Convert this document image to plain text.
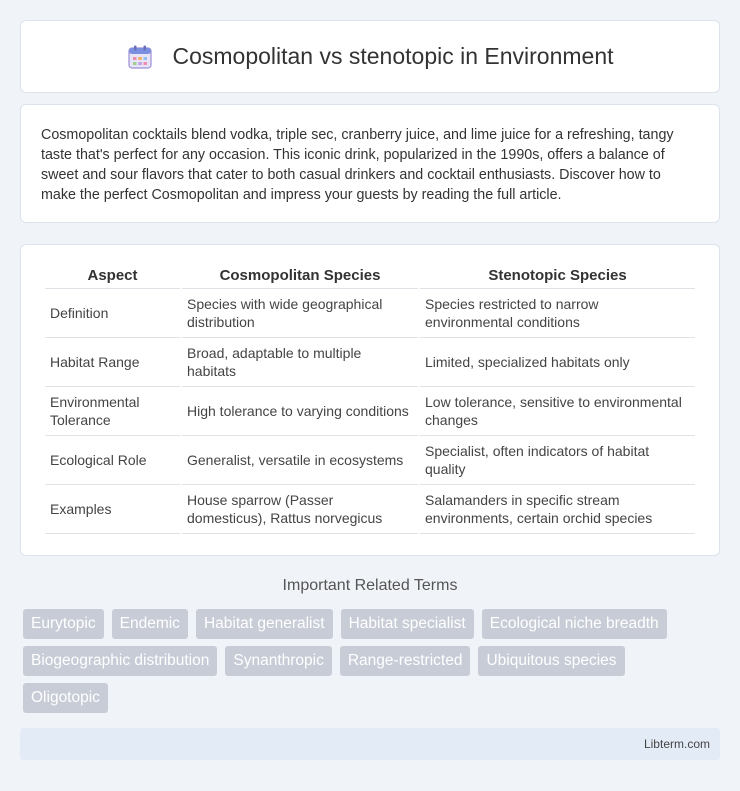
Cosmopolitan vs stenotopic in Environment

Cosmopolitan cocktails blend vodka, triple sec, cranberry juice, and lime juice for a refreshing, tangy taste that's perfect for any occasion. This iconic drink, popularized in the 1990s, offers a balance of sweet and sour flavors that cater to both casual drinkers and cocktail enthusiasts. Discover how to make the perfect Cosmopolitan and impress your guests by reading the full article.

Aspect	Cosmopolitan Species	Stenotopic Species
Definition	Species with wide geographical distribution	Species restricted to narrow environmental conditions
Habitat Range	Broad, adaptable to multiple habitats	Limited, specialized habitats only
Environmental Tolerance	High tolerance to varying conditions	Low tolerance, sensitive to environmental changes
Ecological Role	Generalist, versatile in ecosystems	Specialist, often indicators of habitat quality
Examples	House sparrow (Passer domesticus), Rattus norvegicus	Salamanders in specific stream environments, certain orchid species
Important Related Terms
Eurytopic	Endemic	Habitat generalist	Habitat specialist	Ecological niche breadth
Biogeographic distribution	Synanthropic	Range-restricted	Ubiquitous species
Oligotopic
Libterm.com
